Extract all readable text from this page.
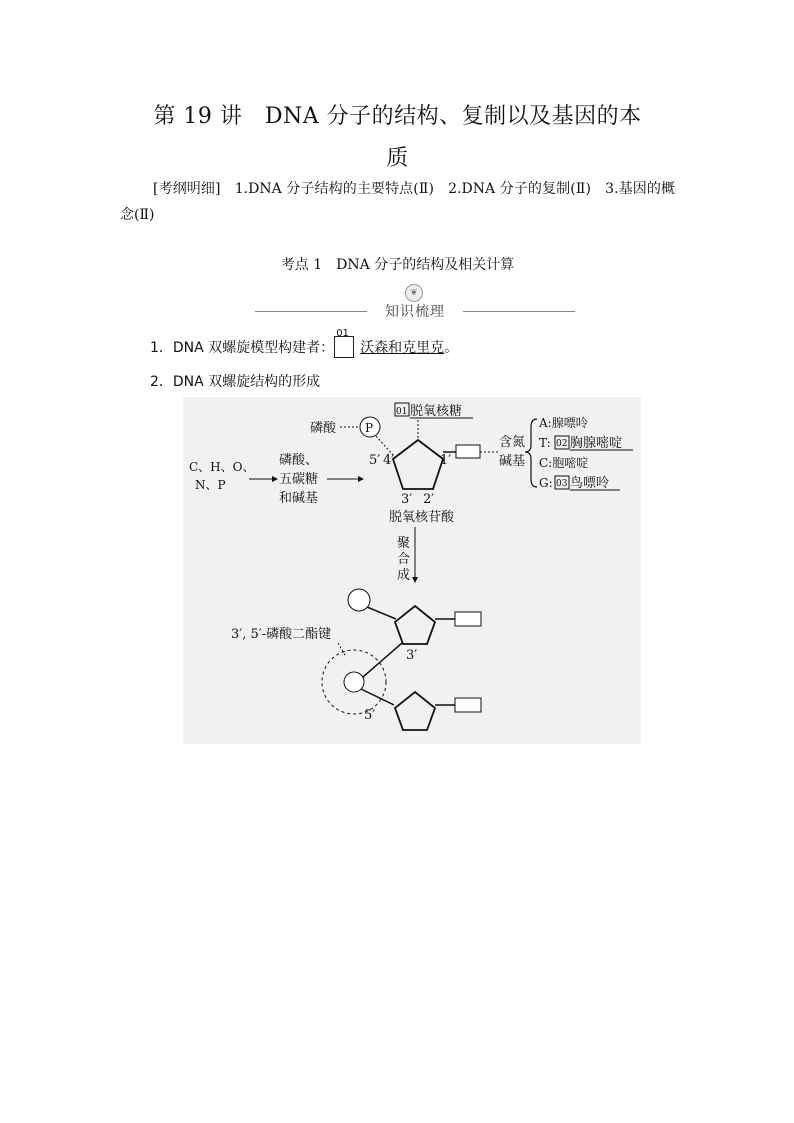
第 19 讲　DNA 分子的结构、复制以及基因的本
质
[考纲明细]　1.DNA 分子结构的主要特点(Ⅱ)　2.DNA 分子的复制(Ⅱ)　3.基因的概念(Ⅱ)
考点 1　DNA 分子的结构及相关计算
❦
知识梳理
1．DNA 双螺旋模型构建者：
01
沃森和克里克。
2．DNA 双螺旋结构的形成
C、H、O、
N、P
磷酸、
五碳糖
和碱基
磷酸 P
01 脱氧核糖
5′ 4′	1′
3′ 2′
脱氧核苷酸
含氮
碱基
A:腺嘌呤
T: 02 胸腺嘧啶
C:胞嘧啶
G: 03 鸟嘌呤
聚
合
成
3′, 5′-磷酸二酯键
3′
5′
